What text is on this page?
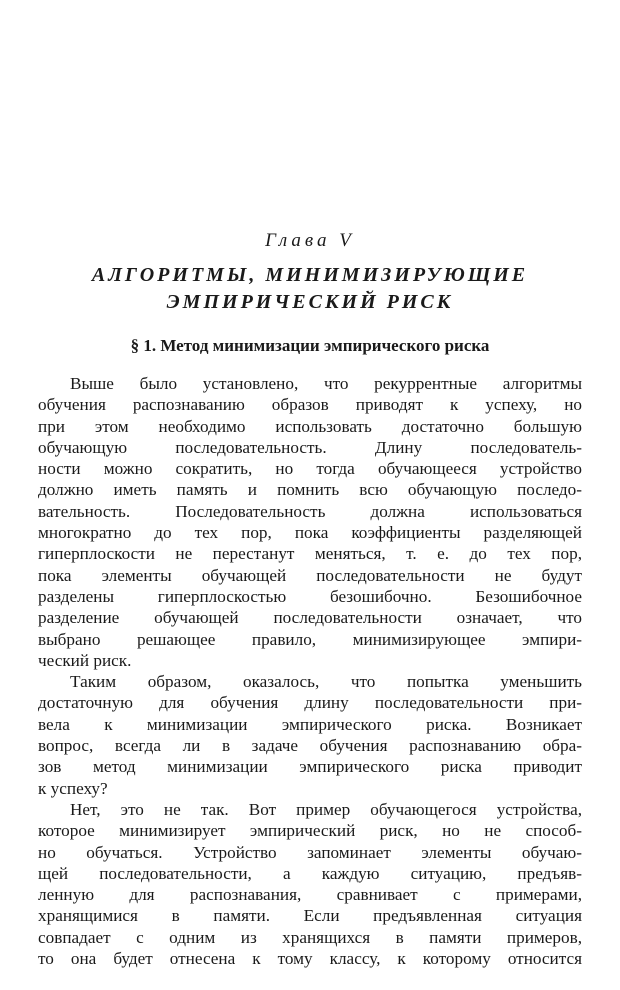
Глава V
АЛГОРИТМЫ, МИНИМИЗИРУЮЩИЕ
ЭМПИРИЧЕСКИЙ РИСК
§ 1. Метод минимизации эмпирического риска
Выше было установлено, что рекуррентные алгоритмы
обучения распознаванию образов приводят к успеху, но
при этом необходимо использовать достаточно большую
обучающую последовательность. Длину последователь-
ности можно сократить, но тогда обучающееся устройство
должно иметь память и помнить всю обучающую последо-
вательность. Последовательность должна использоваться
многократно до тех пор, пока коэффициенты разделяющей
гиперплоскости не перестанут меняться, т. е. до тех пор,
пока элементы обучающей последовательности не будут
разделены гиперплоскостью безошибочно. Безошибочное
разделение обучающей последовательности означает, что
выбрано решающее правило, минимизирующее эмпири-
ческий риск.
Таким образом, оказалось, что попытка уменьшить
достаточную для обучения длину последовательности при-
вела к минимизации эмпирического риска. Возникает
вопрос, всегда ли в задаче обучения распознаванию обра-
зов метод минимизации эмпирического риска приводит
к успеху?
Нет, это не так. Вот пример обучающегося устройства,
которое минимизирует эмпирический риск, но не способ-
но обучаться. Устройство запоминает элементы обучаю-
щей последовательности, а каждую ситуацию, предъяв-
ленную для распознавания, сравнивает с примерами,
хранящимися в памяти. Если предъявленная ситуация
совпадает с одним из хранящихся в памяти примеров,
то она будет отнесена к тому классу, к которому относится
